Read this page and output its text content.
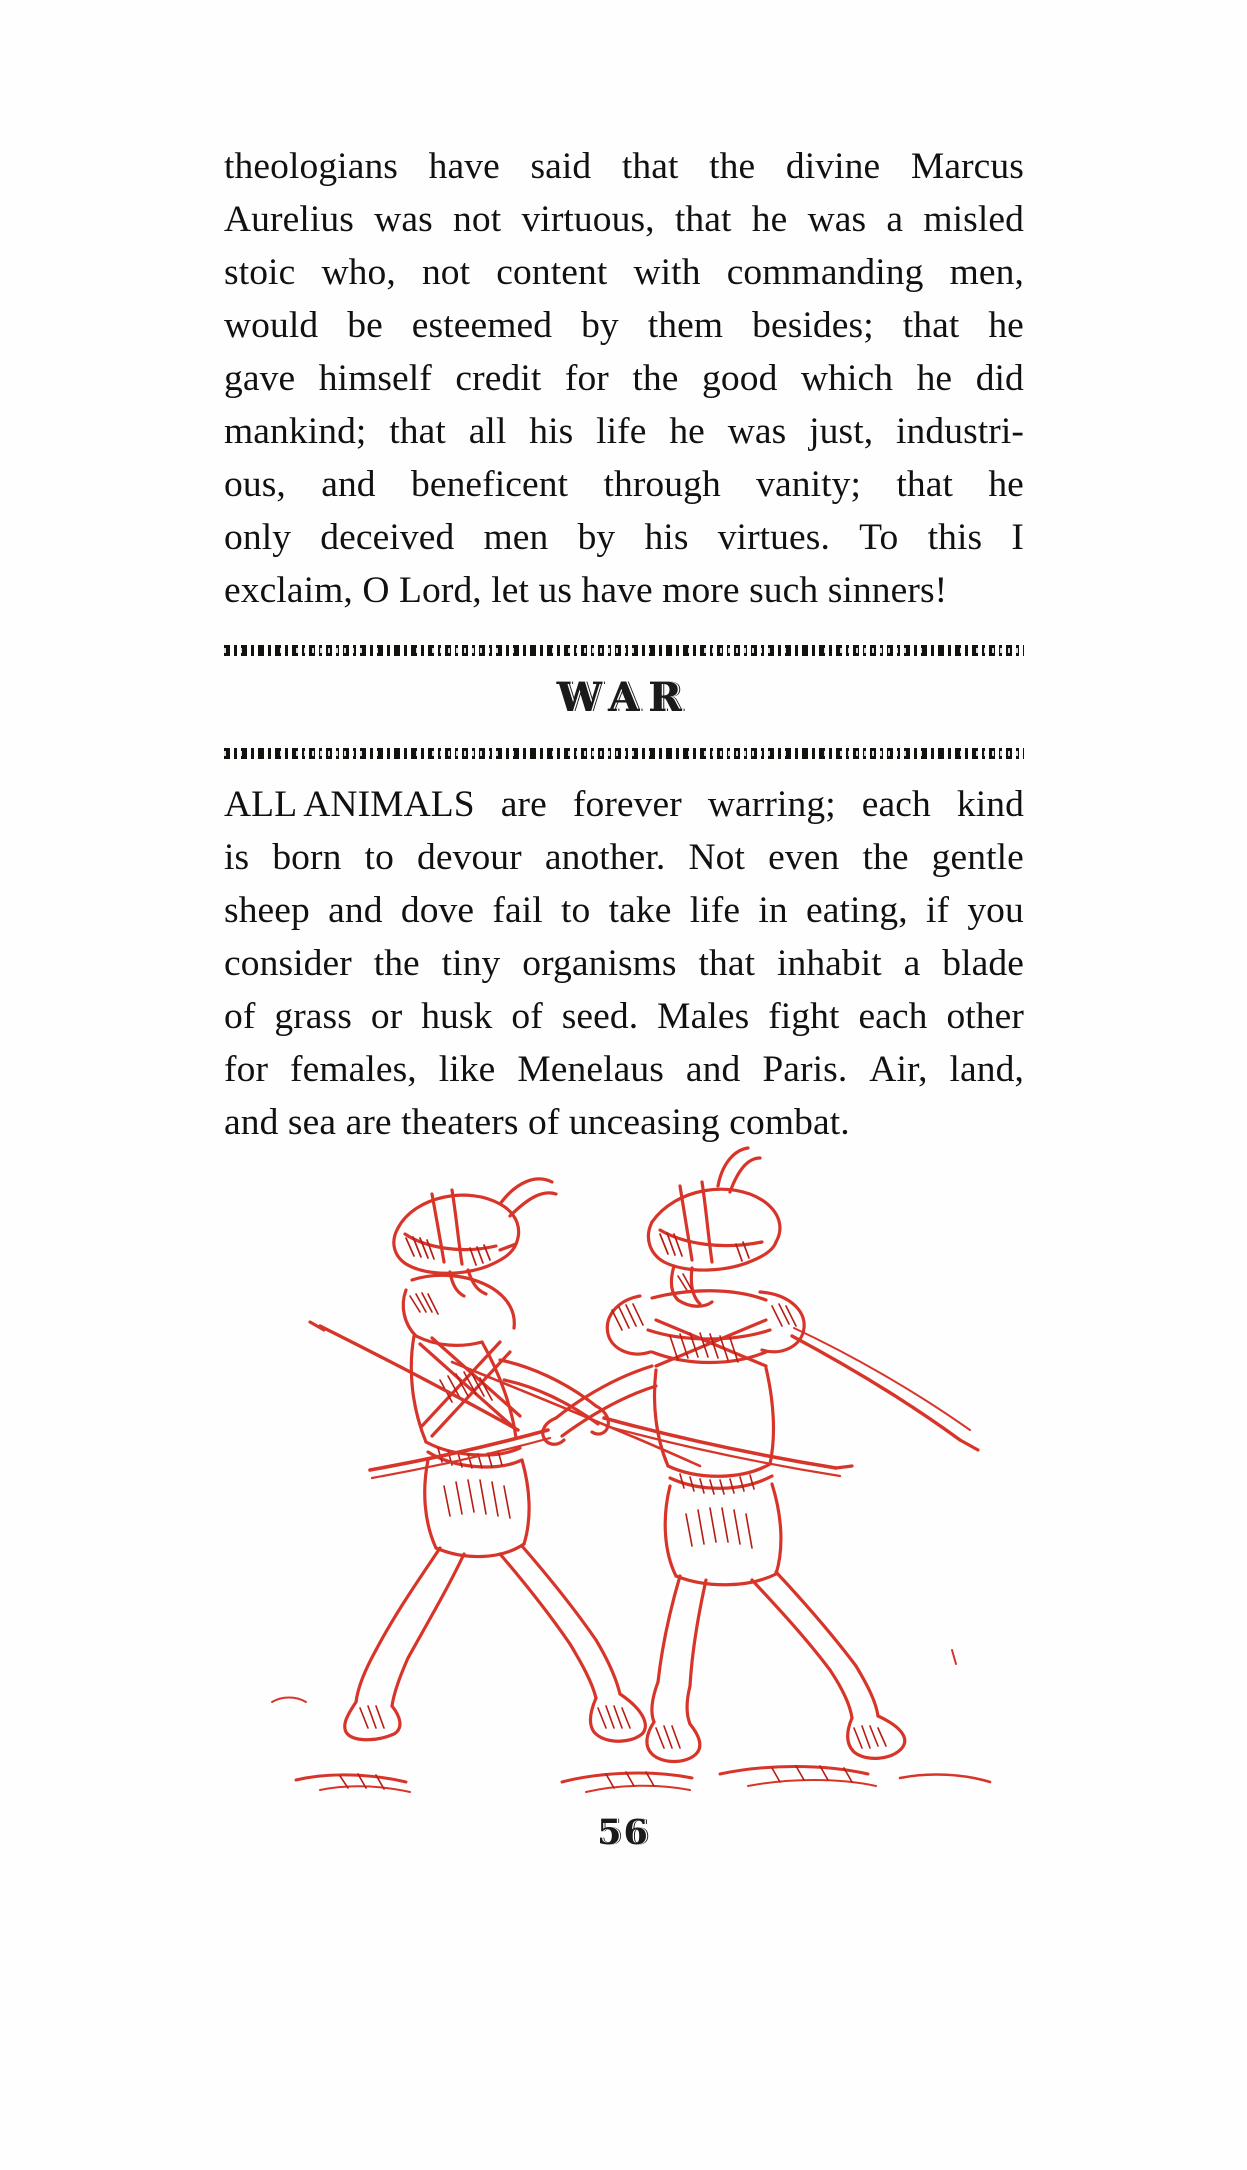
theologians have said that the divine Marcus
Aurelius was not virtuous, that he was a misled
stoic who, not content with commanding men,
would be esteemed by them besides; that he
gave himself credit for the good which he did
mankind; that all his life he was just, industri-
ous, and beneficent through vanity; that he
only deceived men by his virtues. To this I
exclaim, O Lord, let us have more such sinners!
WAR
ALL ANIMALS are forever warring; each kind
is born to devour another. Not even the gentle
sheep and dove fail to take life in eating, if you
consider the tiny organisms that inhabit a blade
of grass or husk of seed. Males fight each other
for females, like Menelaus and Paris. Air, land,
and sea are theaters of unceasing combat.
56
